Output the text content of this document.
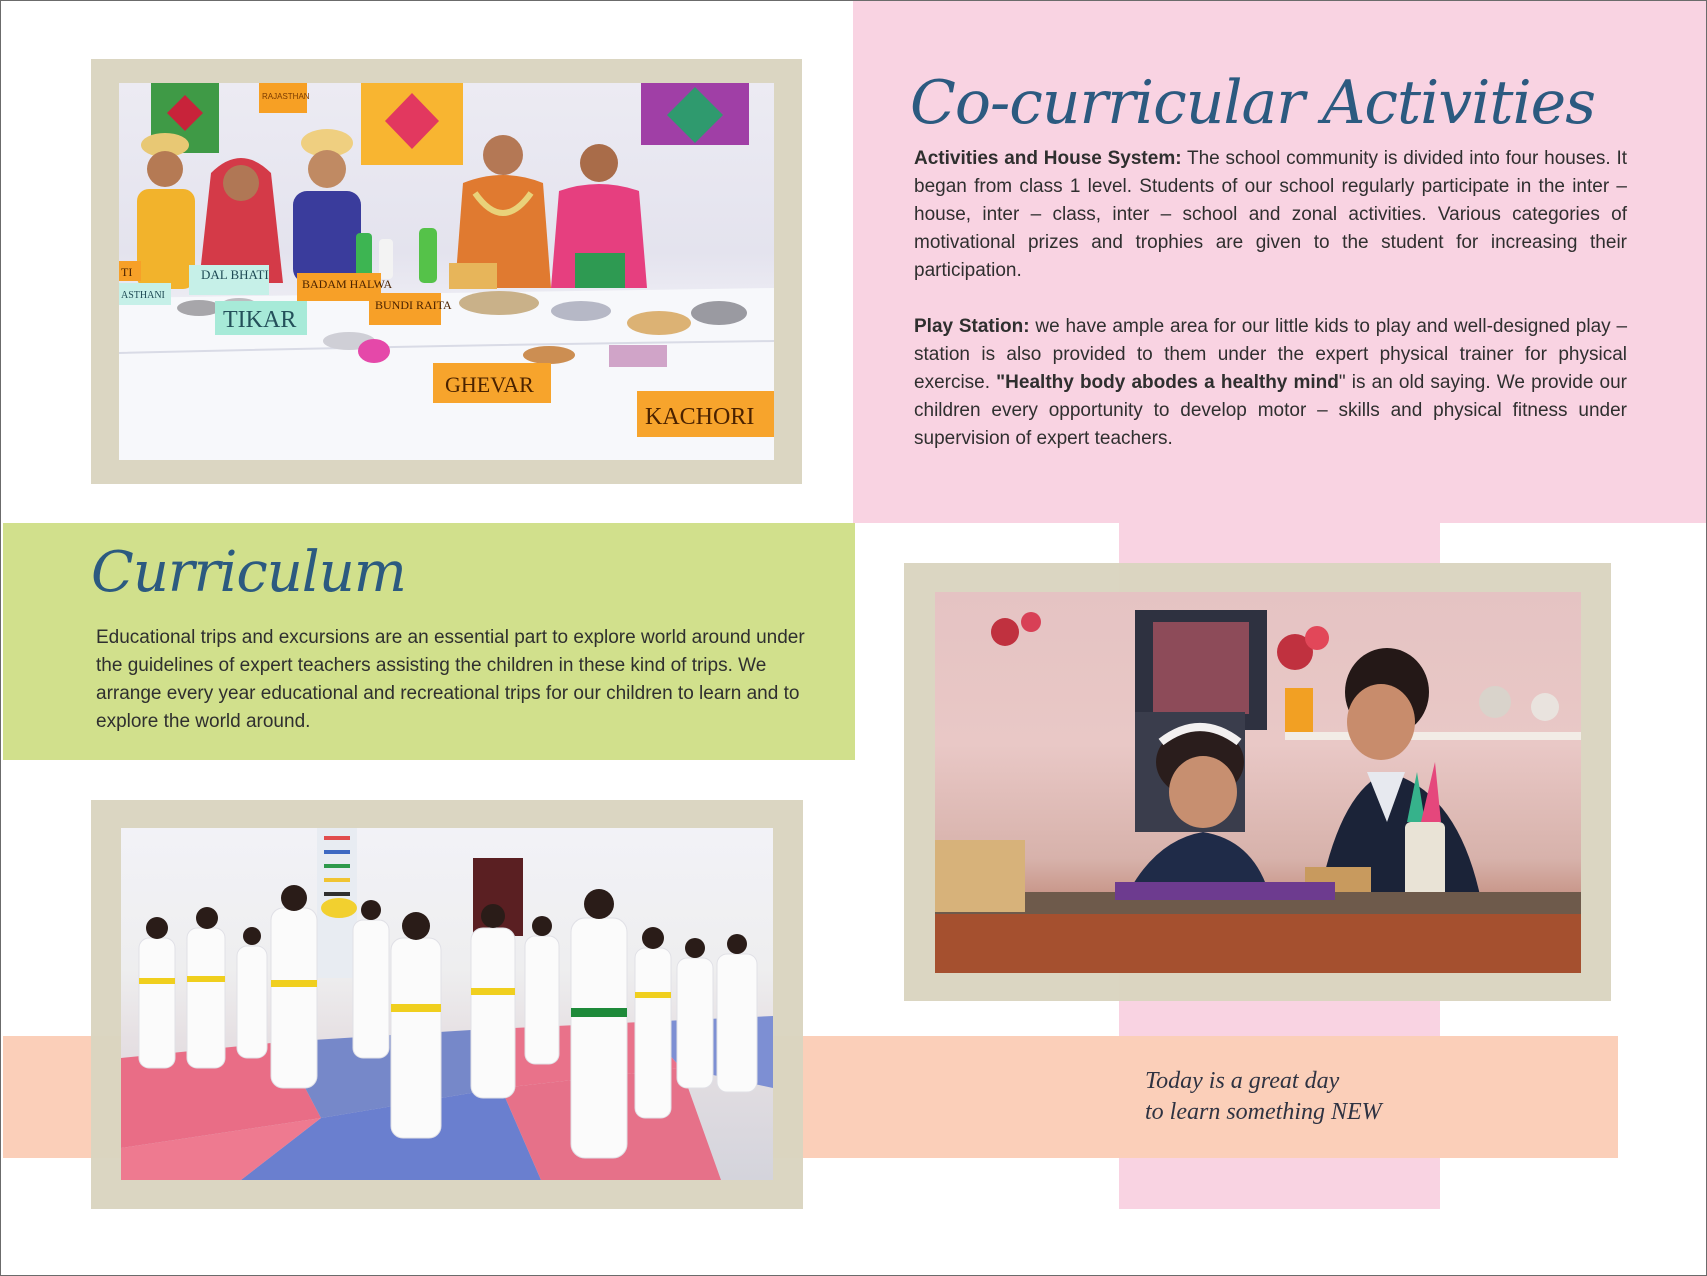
RAJASTHAN
DAL BHATI
BADAM HALWA
BUNDI RAITA
TIKAR
GHEVAR
KACHORI
ASTHANI
TI
Co-curricular Activities
Activities and House System: The school community is divided into four houses. It began from class 1 level. Students of our school regularly participate in the inter – house, inter – class, inter – school and zonal activities. Various categories of motivational prizes and trophies are given to the student for increasing their participation.
Play Station: we have ample area for our little kids to play and well-designed play – station is also provided to them under the expert physical trainer for physical exercise. "Healthy body abodes a healthy mind" is an old saying. We provide our children every opportunity to develop motor – skills and physical fitness under supervision of expert teachers.
Curriculum
Educational trips and excursions are an essential part to explore world around under the guidelines of expert teachers assisting the children in these kind of trips. We arrange every year educational and recreational trips for our children to learn and to explore the world around.
Today is a great day
to learn something NEW
